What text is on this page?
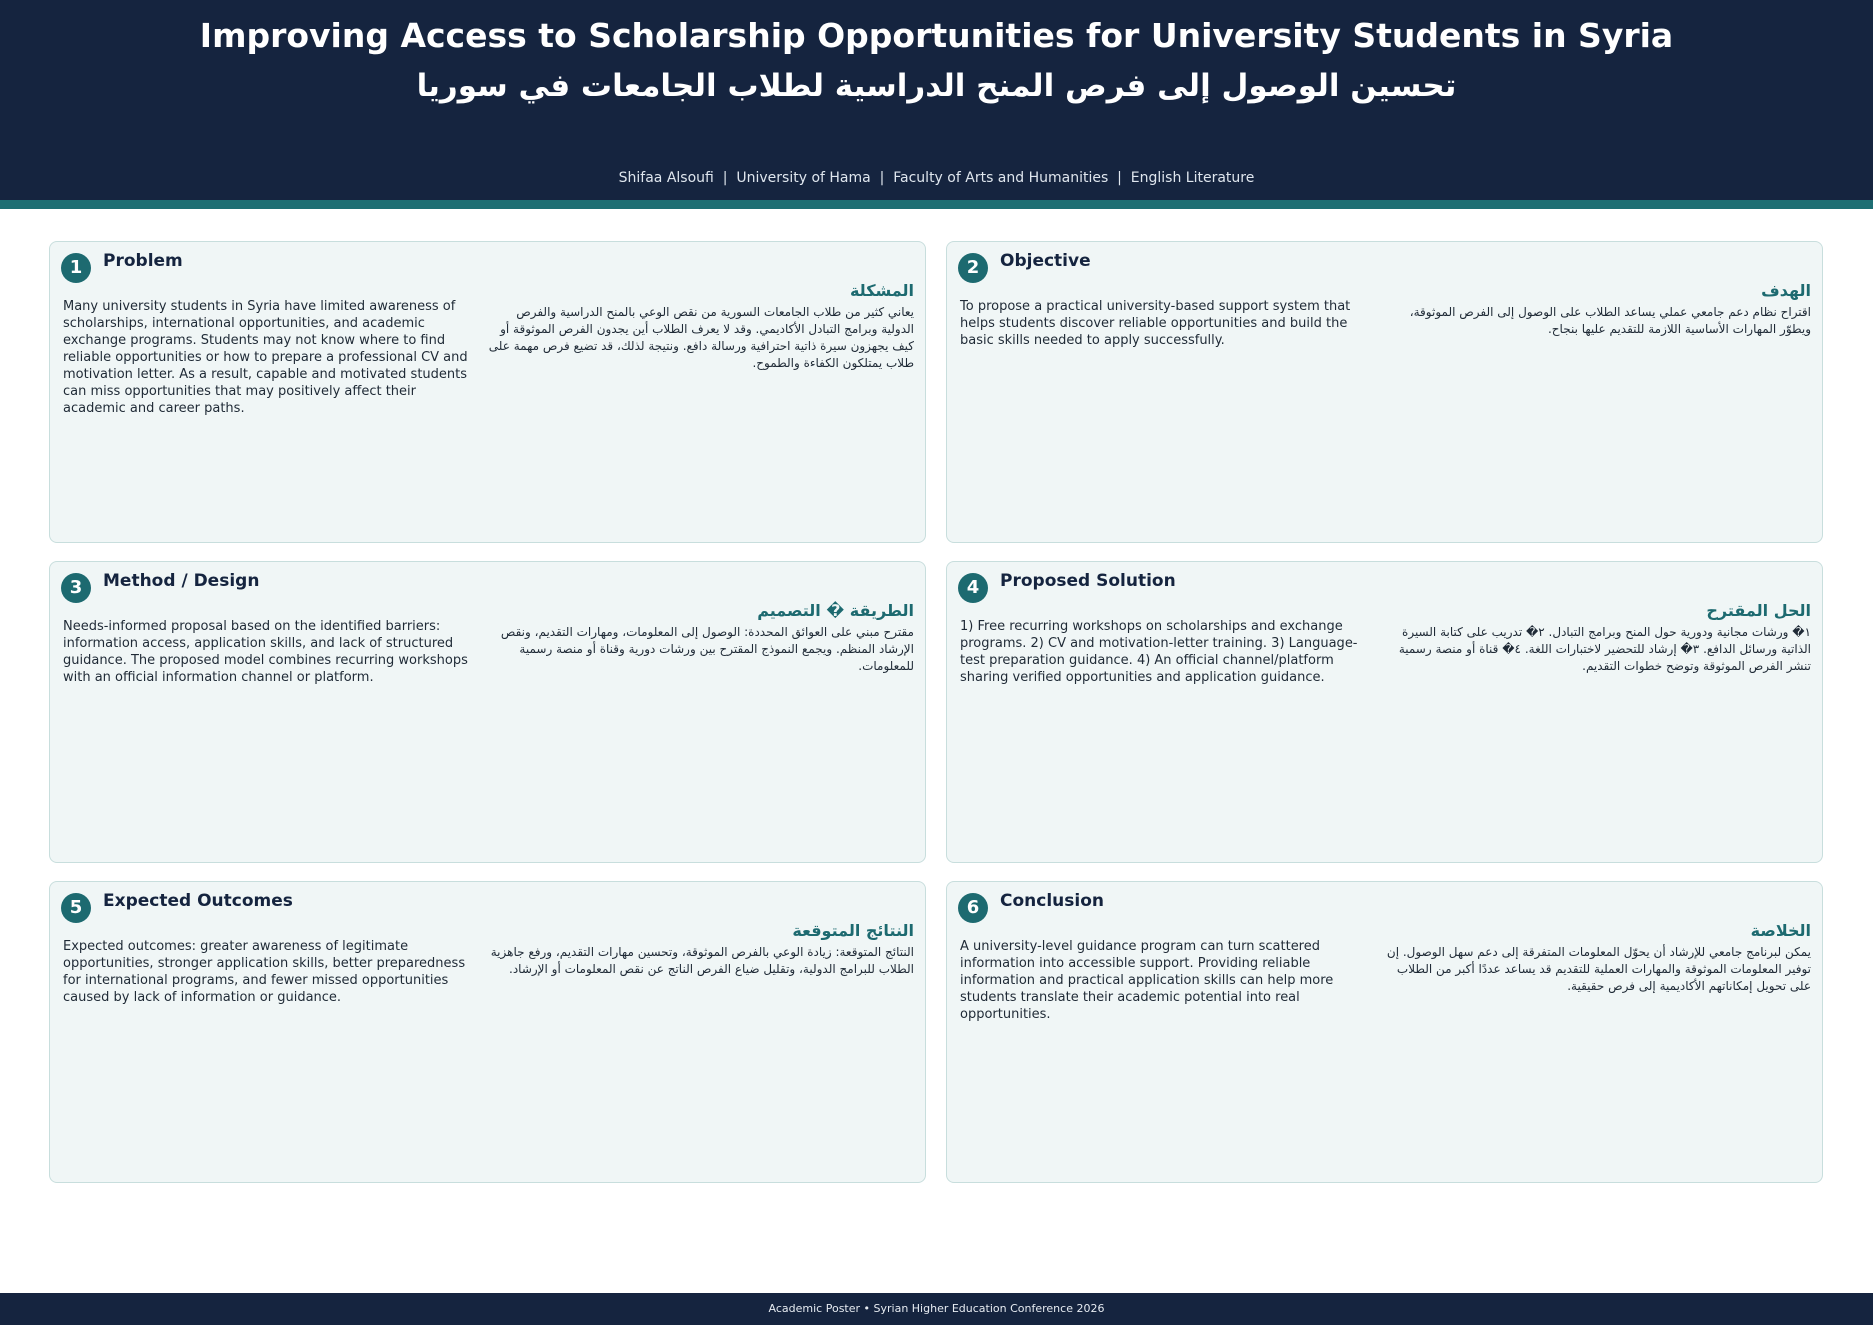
Improving Access to Scholarship Opportunities for University Students in Syria
تحسين الوصول إلى فرص المنح الدراسية لطلاب الجامعات في سوريا
Shifaa Alsoufi | University of Hama | Faculty of Arts and Humanities | English Literature
1	Problem
المشكلة
Many university students in Syria have limited awareness of scholarships, international opportunities, and academic exchange programs. Students may not know where to find reliable opportunities or how to prepare a professional CV and motivation letter. As a result, capable and motivated students can miss opportunities that may positively affect their academic and career paths.
يعاني كثير من طلاب الجامعات السورية من نقص الوعي بالمنح الدراسية والفرص الدولية وبرامج التبادل الأكاديمي. وقد لا يعرف الطلاب أين يجدون الفرص الموثوقة أو كيف يجهزون سيرة ذاتية احترافية ورسالة دافع. ونتيجة لذلك، قد تضيع فرص مهمة على طلاب يمتلكون الكفاءة والطموح.
2	Objective
الهدف
To propose a practical university-based support system that helps students discover reliable opportunities and build the basic skills needed to apply successfully.
اقتراح نظام دعم جامعي عملي يساعد الطلاب على الوصول إلى الفرص الموثوقة، ويطوّر المهارات الأساسية اللازمة للتقديم عليها بنجاح.
3	Method / Design
الطريقة � التصميم
Needs-informed proposal based on the identified barriers: information access, application skills, and lack of structured guidance. The proposed model combines recurring workshops with an official information channel or platform.
مقترح مبني على العوائق المحددة: الوصول إلى المعلومات، ومهارات التقديم، ونقص الإرشاد المنظم. ويجمع النموذج المقترح بين ورشات دورية وقناة أو منصة رسمية للمعلومات.
4	Proposed Solution
الحل المقترح
1) Free recurring workshops on scholarships and exchange programs. 2) CV and motivation-letter training. 3) Language-test preparation guidance. 4) An official channel/platform sharing verified opportunities and application guidance.
١� ورشات مجانية ودورية حول المنح وبرامج التبادل. ٢� تدريب على كتابة السيرة الذاتية ورسائل الدافع. ٣� إرشاد للتحضير لاختبارات اللغة. ٤� قناة أو منصة رسمية تنشر الفرص الموثوقة وتوضح خطوات التقديم.
5	Expected Outcomes
النتائج المتوقعة
Expected outcomes: greater awareness of legitimate opportunities, stronger application skills, better preparedness for international programs, and fewer missed opportunities caused by lack of information or guidance.
النتائج المتوقعة: زيادة الوعي بالفرص الموثوقة، وتحسين مهارات التقديم، ورفع جاهزية الطلاب للبرامج الدولية، وتقليل ضياع الفرص الناتج عن نقص المعلومات أو الإرشاد.
6	Conclusion
الخلاصة
A university-level guidance program can turn scattered information into accessible support. Providing reliable information and practical application skills can help more students translate their academic potential into real opportunities.
يمكن لبرنامج جامعي للإرشاد أن يحوّل المعلومات المتفرقة إلى دعم سهل الوصول. إن توفير المعلومات الموثوقة والمهارات العملية للتقديم قد يساعد عددًا أكبر من الطلاب على تحويل إمكاناتهم الأكاديمية إلى فرص حقيقية.
Academic Poster • Syrian Higher Education Conference 2026
